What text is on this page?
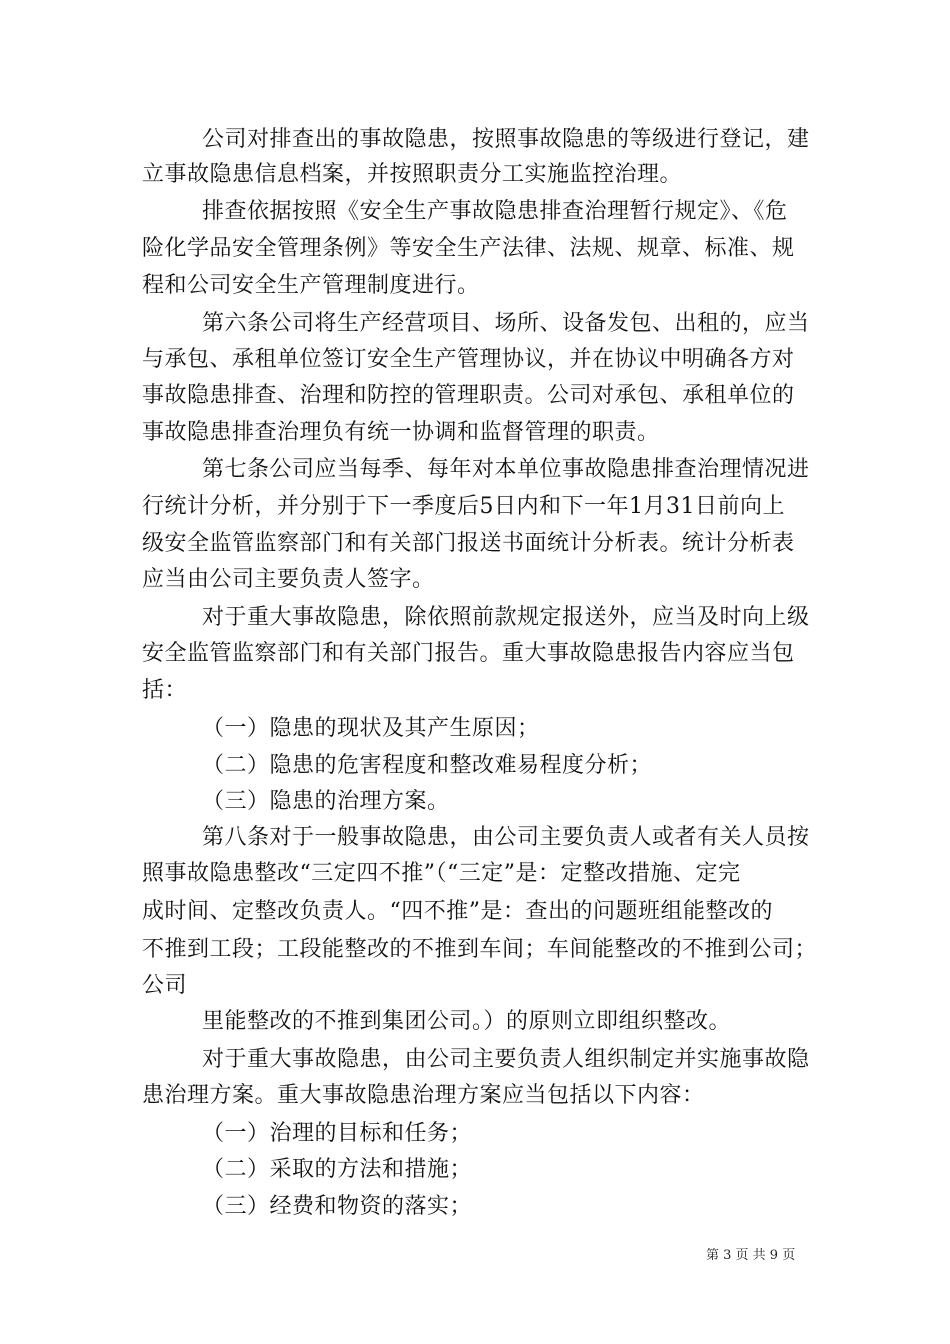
公司对排查出的事故隐患，按照事故隐患的等级进行登记，建
立事故隐患信息档案，并按照职责分工实施监控治理。
排查依据按照《安全生产事故隐患排查治理暂行规定》、《危
险化学品安全管理条例》等安全生产法律、法规、规章、标准、规
程和公司安全生产管理制度进行。
第六条公司将生产经营项目、场所、设备发包、出租的，应当
与承包、承租单位签订安全生产管理协议，并在协议中明确各方对
事故隐患排查、治理和防控的管理职责。公司对承包、承租单位的
事故隐患排查治理负有统一协调和监督管理的职责。
第七条公司应当每季、每年对本单位事故隐患排查治理情况进
行统计分析，并分别于下一季度后5日内和下一年1月31日前向上
级安全监管监察部门和有关部门报送书面统计分析表。统计分析表
应当由公司主要负责人签字。
对于重大事故隐患，除依照前款规定报送外，应当及时向上级
安全监管监察部门和有关部门报告。重大事故隐患报告内容应当包
括：
（一）隐患的现状及其产生原因；
（二）隐患的危害程度和整改难易程度分析；
（三）隐患的治理方案。
第八条对于一般事故隐患，由公司主要负责人或者有关人员按
照事故隐患整改“三定四不推”（“三定”是：定整改措施、定完
成时间、定整改负责人。“四不推”是：查出的问题班组能整改的
不推到工段；工段能整改的不推到车间；车间能整改的不推到公司；
公司
里能整改的不推到集团公司。）的原则立即组织整改。
对于重大事故隐患，由公司主要负责人组织制定并实施事故隐
患治理方案。重大事故隐患治理方案应当包括以下内容：
（一）治理的目标和任务；
（二）采取的方法和措施；
（三）经费和物资的落实；
第 3 页 共 9 页
